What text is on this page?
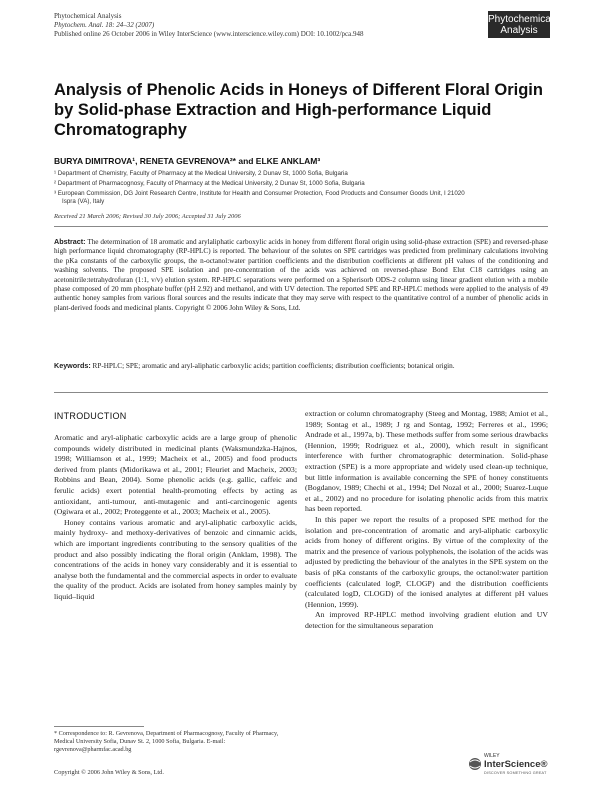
Phytochemical Analysis
Phytochem. Anal. 18: 24–32 (2007)
Published online 26 October 2006 in Wiley InterScience (www.interscience.wiley.com) DOI: 10.1002/pca.948
Phytochemical
Analysis
Analysis of Phenolic Acids in Honeys of Different Floral Origin by Solid-phase Extraction and High-performance Liquid Chromatography
BURYA DIMITROVA¹, RENETA GEVRENOVA²* and ELKE ANKLAM³
¹ Department of Chemistry, Faculty of Pharmacy at the Medical University, 2 Dunav St, 1000 Sofia, Bulgaria
² Department of Pharmacognosy, Faculty of Pharmacy at the Medical University, 2 Dunav St, 1000 Sofia, Bulgaria
³ European Commission, DG Joint Research Centre, Institute for Health and Consumer Protection, Food Products and Consumer Goods Unit, I 21020
Ispra (VA), Italy
Received 21 March 2006; Revised 30 July 2006; Accepted 31 July 2006
Abstract: The determination of 18 aromatic and arylaliphatic carboxylic acids in honey from different floral origin using solid-phase extraction (SPE) and reversed-phase high performance liquid chromatography (RP-HPLC) is reported. The behaviour of the solutes on SPE cartridges was predicted from preliminary calculations involving the pKa constants of the carboxylic groups, the n-octanol:water partition coefficients and the distribution coefficients at different pH values of the conditioning and washing solvents. The proposed SPE isolation and pre-concentration of the acids was achieved on reversed-phase Bond Elut C18 cartridges using an acetonitrile:tetrahydrofuran (1:1, v/v) elution system. RP-HPLC separations were performed on a Spherisorb ODS-2 column using linear gradient elution with a mobile phase composed of 20 mm phosphate buffer (pH 2.92) and methanol, and with UV detection. The reported SPE and RP-HPLC methods were applied to the analysis of 49 authentic honey samples from various floral sources and the results indicate that they may serve with respect to the quantitative control of a number of phenolic acids in plant-derived foods and medicinal plants. Copyright © 2006 John Wiley & Sons, Ltd.
Keywords: RP-HPLC; SPE; aromatic and aryl-aliphatic carboxylic acids; partition coefficients; distribution coefficients; botanical origin.
INTRODUCTION

Aromatic and aryl-aliphatic carboxylic acids are a large group of phenolic compounds widely distributed in medicinal plants (Waksmundzka-Hajnos, 1998; Williamson et al., 1999; Macheix et al., 2005) and food products derived from plants (Midorikawa et al., 2001; Fleuriet and Macheix, 2003; Robbins and Bean, 2004). Some phenolic acids (e.g. gallic, caffeic and ferulic acids) exert potential health-promoting effects by acting as antioxidant, anti-tumour, anti-mutagenic and anti-carcinogenic agents (Ogiwara et al., 2002; Proteggente et al., 2003; Macheix et al., 2005).

Honey contains various aromatic and aryl-aliphatic carboxylic acids, mainly hydroxy- and methoxy-derivatives of benzoic and cinnamic acids, which are important ingredients contributing to the sensory qualities of the product and also possibly indicating the floral origin (Anklam, 1998). The concentrations of the acids in honey vary considerably and it is essential to analyse both the fundamental and the commercial aspects in order to evaluate the quality of the product. Acids are isolated from honey samples mainly by liquid–liquid

extraction or column chromatography (Steeg and Montag, 1988; Amiot et al., 1989; Sontag et al., 1989; J rg and Sontag, 1992; Ferreres et al., 1996; Andrade et al., 1997a, b). These methods suffer from some serious drawbacks (Hennion, 1999; Rodriguez et al., 2000), which result in significant interference with further chromatographic determination. Solid-phase extraction (SPE) is a more appropriate and widely used clean-up technique, but little information is available concerning the SPE of honey constituents (Bogdanov, 1989; Chechi et al., 1994; Del Nozal et al., 2000; Suarez-Luque et al., 2002) and no procedure for isolating phenolic acids from this matrix has been reported.

In this paper we report the results of a proposed SPE method for the isolation and pre-concentration of aromatic and aryl-aliphatic carboxylic acids from honey of different origins. By virtue of the complexity of the matrix and the presence of various polyphenols, the isolation of the acids was adjusted by predicting the behaviour of the analytes in the SPE system on the basis of pKa constants of the carboxylic groups, the octanol:water partition coefficients (calculated logP, CLOGP) and the distribution coefficients (calculated logD, CLOGD) of the ionised analytes at different pH values (Hennion, 1999).

An improved RP-HPLC method involving gradient elution and UV detection for the simultaneous separation

* Correspondence to: R. Gevrenova, Department of Pharmacognosy, Faculty of Pharmacy, Medical University Sofia, Dunav St. 2, 1000 Sofia, Bulgaria. E-mail: rgevrenova@pharmfac.acad.bg
Copyright © 2006 John Wiley & Sons, Ltd.
WILEY
InterScience®
DISCOVER SOMETHING GREAT
